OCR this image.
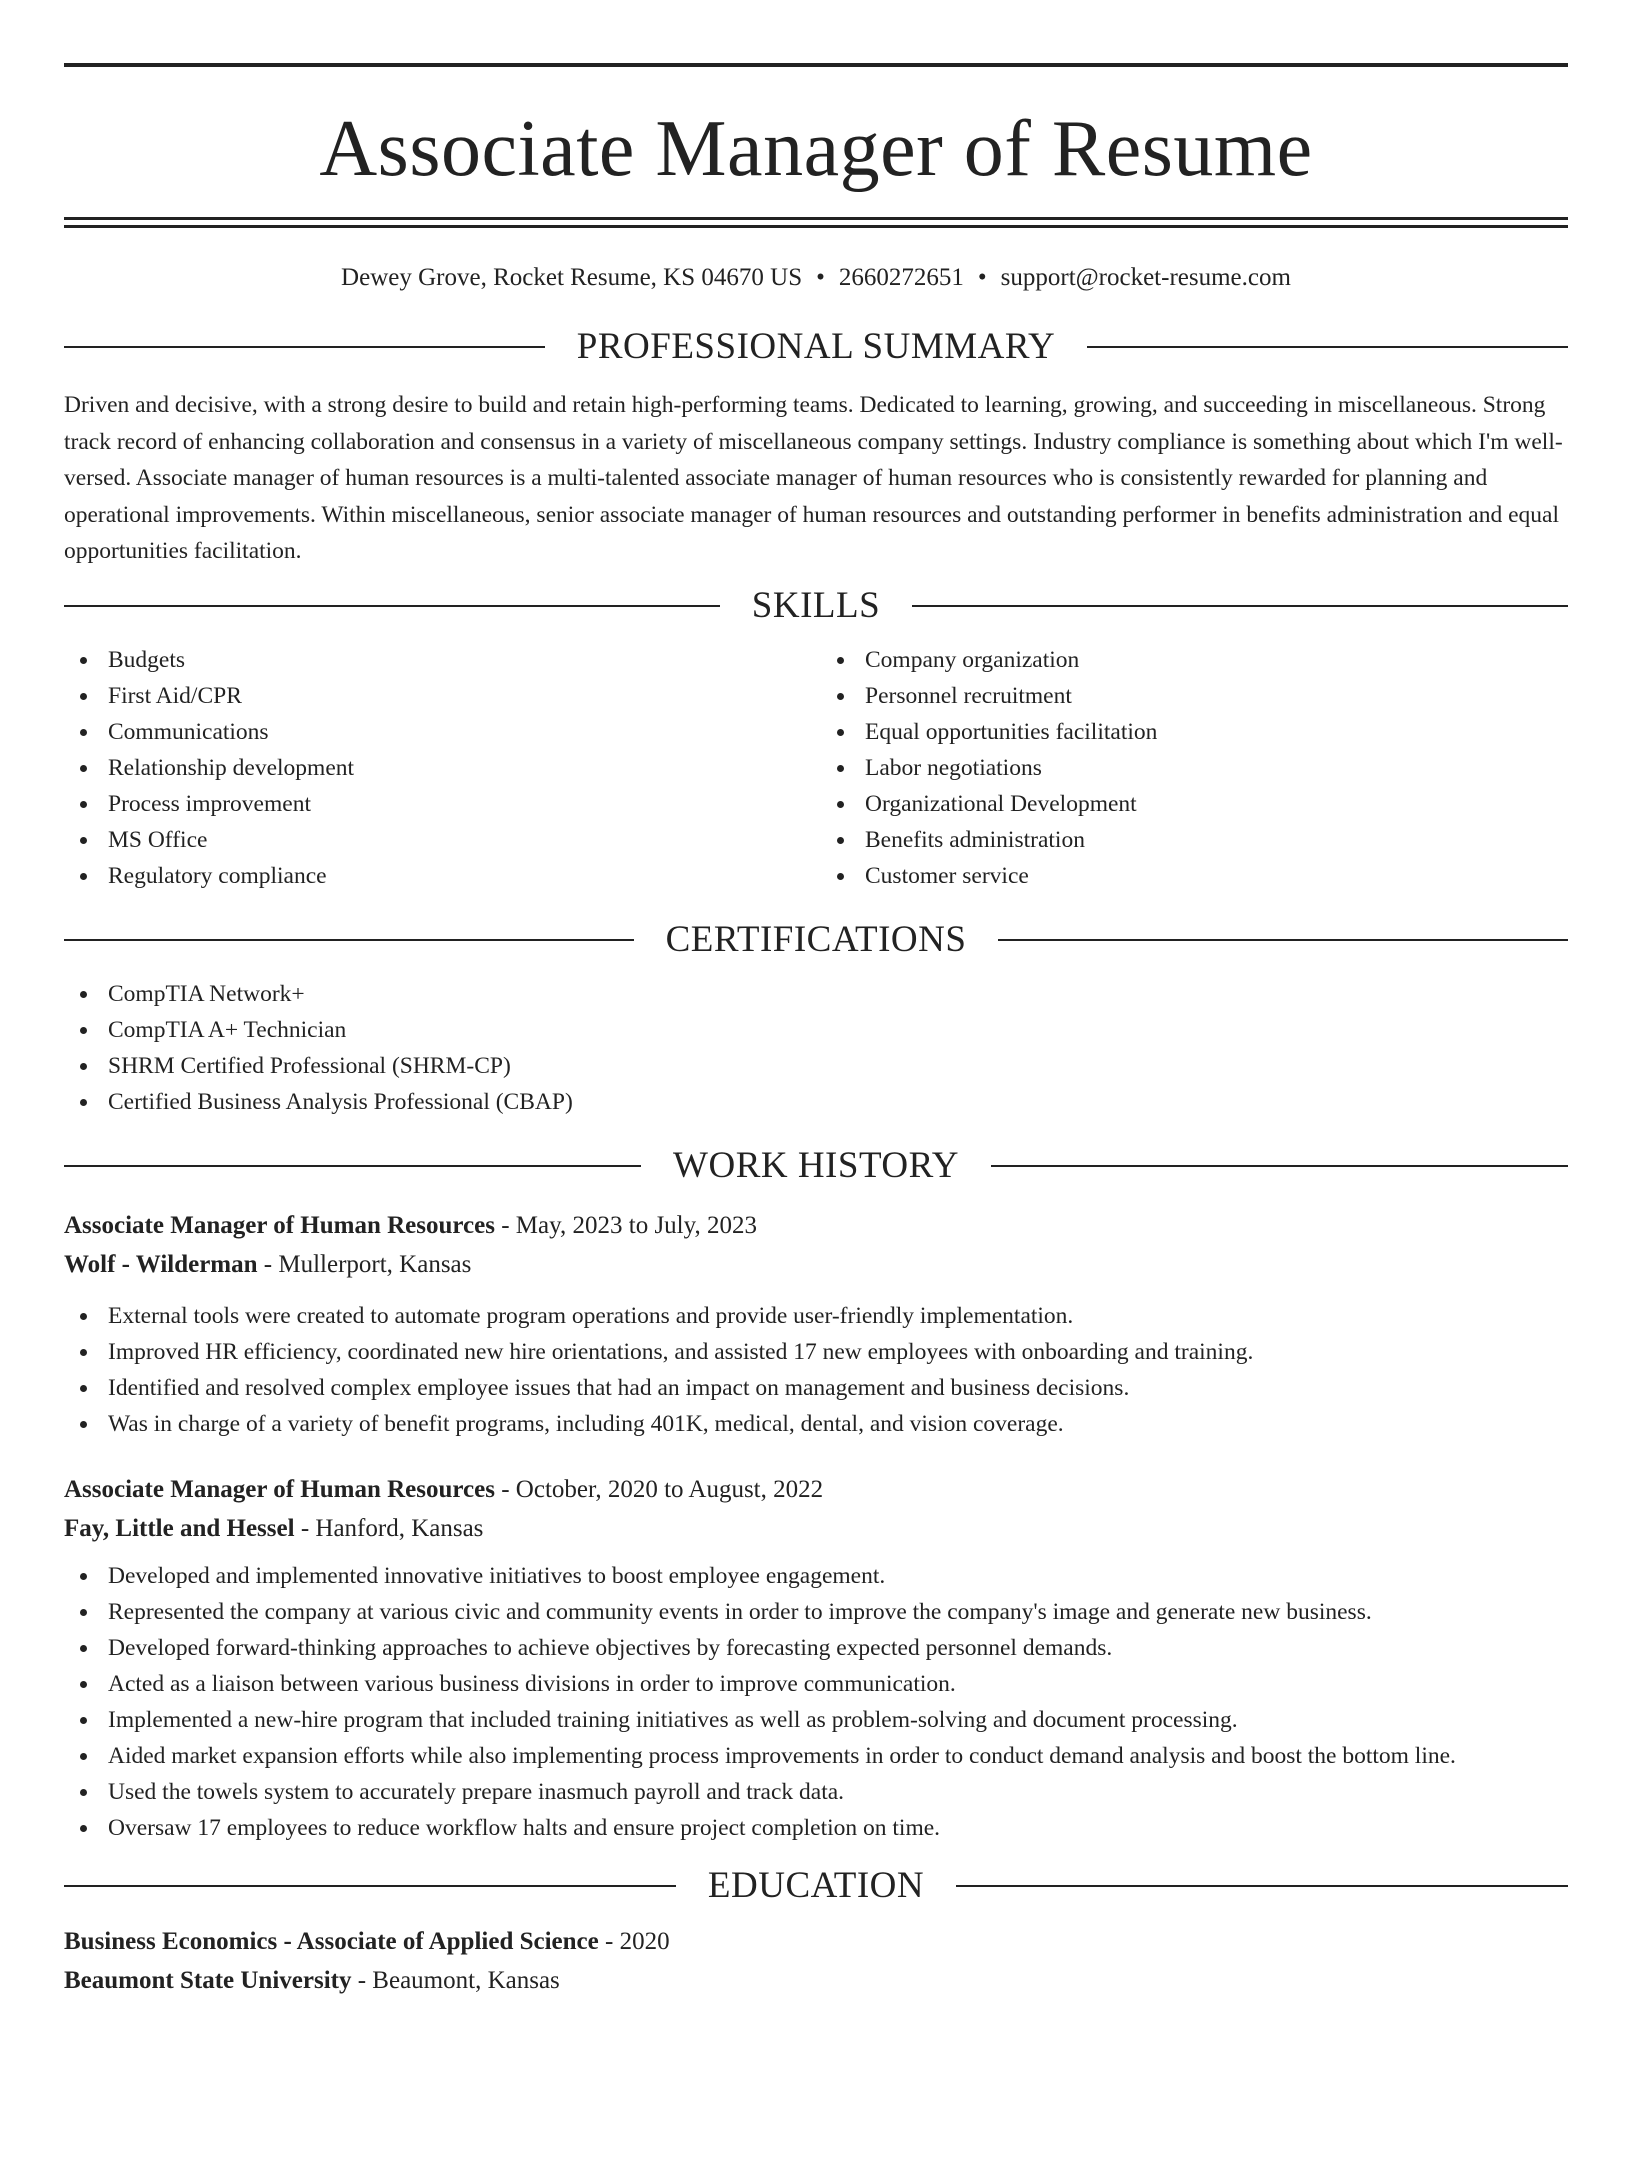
Associate Manager of Resume
Dewey Grove, Rocket Resume, KS 04670 US • 2660272651 • support@rocket-resume.com
PROFESSIONAL SUMMARY

Driven and decisive, with a strong desire to build and retain high-performing teams. Dedicated to learning, growing, and succeeding in miscellaneous. Strong track record of enhancing collaboration and consensus in a variety of miscellaneous company settings. Industry compliance is something about which I'm well-versed. Associate manager of human resources is a multi-talented associate manager of human resources who is consistently rewarded for planning and operational improvements. Within miscellaneous, senior associate manager of human resources and outstanding performer in benefits administration and equal opportunities facilitation.

SKILLS
Budgets
First Aid/CPR
Communications
Relationship development
Process improvement
MS Office
Regulatory compliance
Company organization
Personnel recruitment
Equal opportunities facilitation
Labor negotiations
Organizational Development
Benefits administration
Customer service
CERTIFICATIONS
CompTIA Network+
CompTIA A+ Technician
SHRM Certified Professional (SHRM-CP)
Certified Business Analysis Professional (CBAP)
WORK HISTORY
Associate Manager of Human Resources - May, 2023 to July, 2023
Wolf - Wilderman - Mullerport, Kansas
External tools were created to automate program operations and provide user-friendly implementation.
Improved HR efficiency, coordinated new hire orientations, and assisted 17 new employees with onboarding and training.
Identified and resolved complex employee issues that had an impact on management and business decisions.
Was in charge of a variety of benefit programs, including 401K, medical, dental, and vision coverage.
Associate Manager of Human Resources - October, 2020 to August, 2022
Fay, Little and Hessel - Hanford, Kansas
Developed and implemented innovative initiatives to boost employee engagement.
Represented the company at various civic and community events in order to improve the company's image and generate new business.
Developed forward-thinking approaches to achieve objectives by forecasting expected personnel demands.
Acted as a liaison between various business divisions in order to improve communication.
Implemented a new-hire program that included training initiatives as well as problem-solving and document processing.
Aided market expansion efforts while also implementing process improvements in order to conduct demand analysis and boost the bottom line.
Used the towels system to accurately prepare inasmuch payroll and track data.
Oversaw 17 employees to reduce workflow halts and ensure project completion on time.
EDUCATION
Business Economics - Associate of Applied Science - 2020
Beaumont State University - Beaumont, Kansas
